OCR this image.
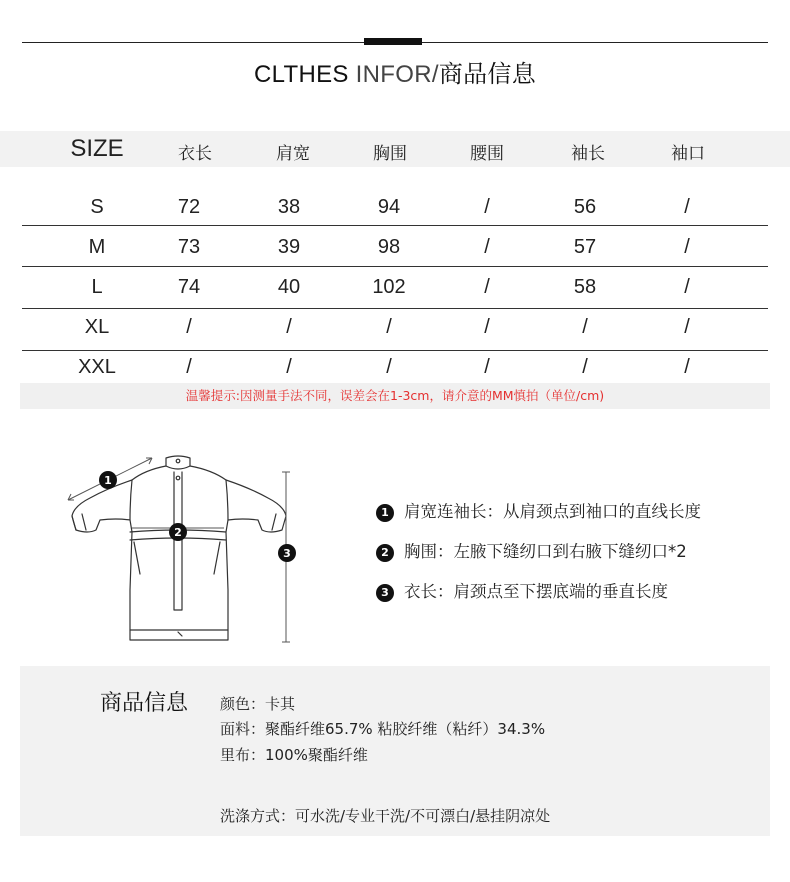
CLTHES INFOR/商品信息
SIZE	衣长	肩宽	胸围	腰围	袖长	袖口
S	72	38	94	/	56	/
M	73	39	98	/	57	/
L	74	40	102	/	58	/
XL	/	/	/	/	/	/
XXL	/	/	/	/	/	/
温馨提示:因测量手法不同，误差会在1-3cm，请介意的MM慎拍（单位/cm)
1
2
3
1 肩宽连袖长：从肩颈点到袖口的直线长度
2 胸围：左腋下缝纫口到右腋下缝纫口*2
3 衣长：肩颈点至下摆底端的垂直长度
商品信息 颜色：卡其
面料：聚酯纤维65.7% 粘胶纤维（粘纤）34.3%
里布：100%聚酯纤维
洗涤方式：可水洗/专业干洗/不可漂白/悬挂阴凉处
